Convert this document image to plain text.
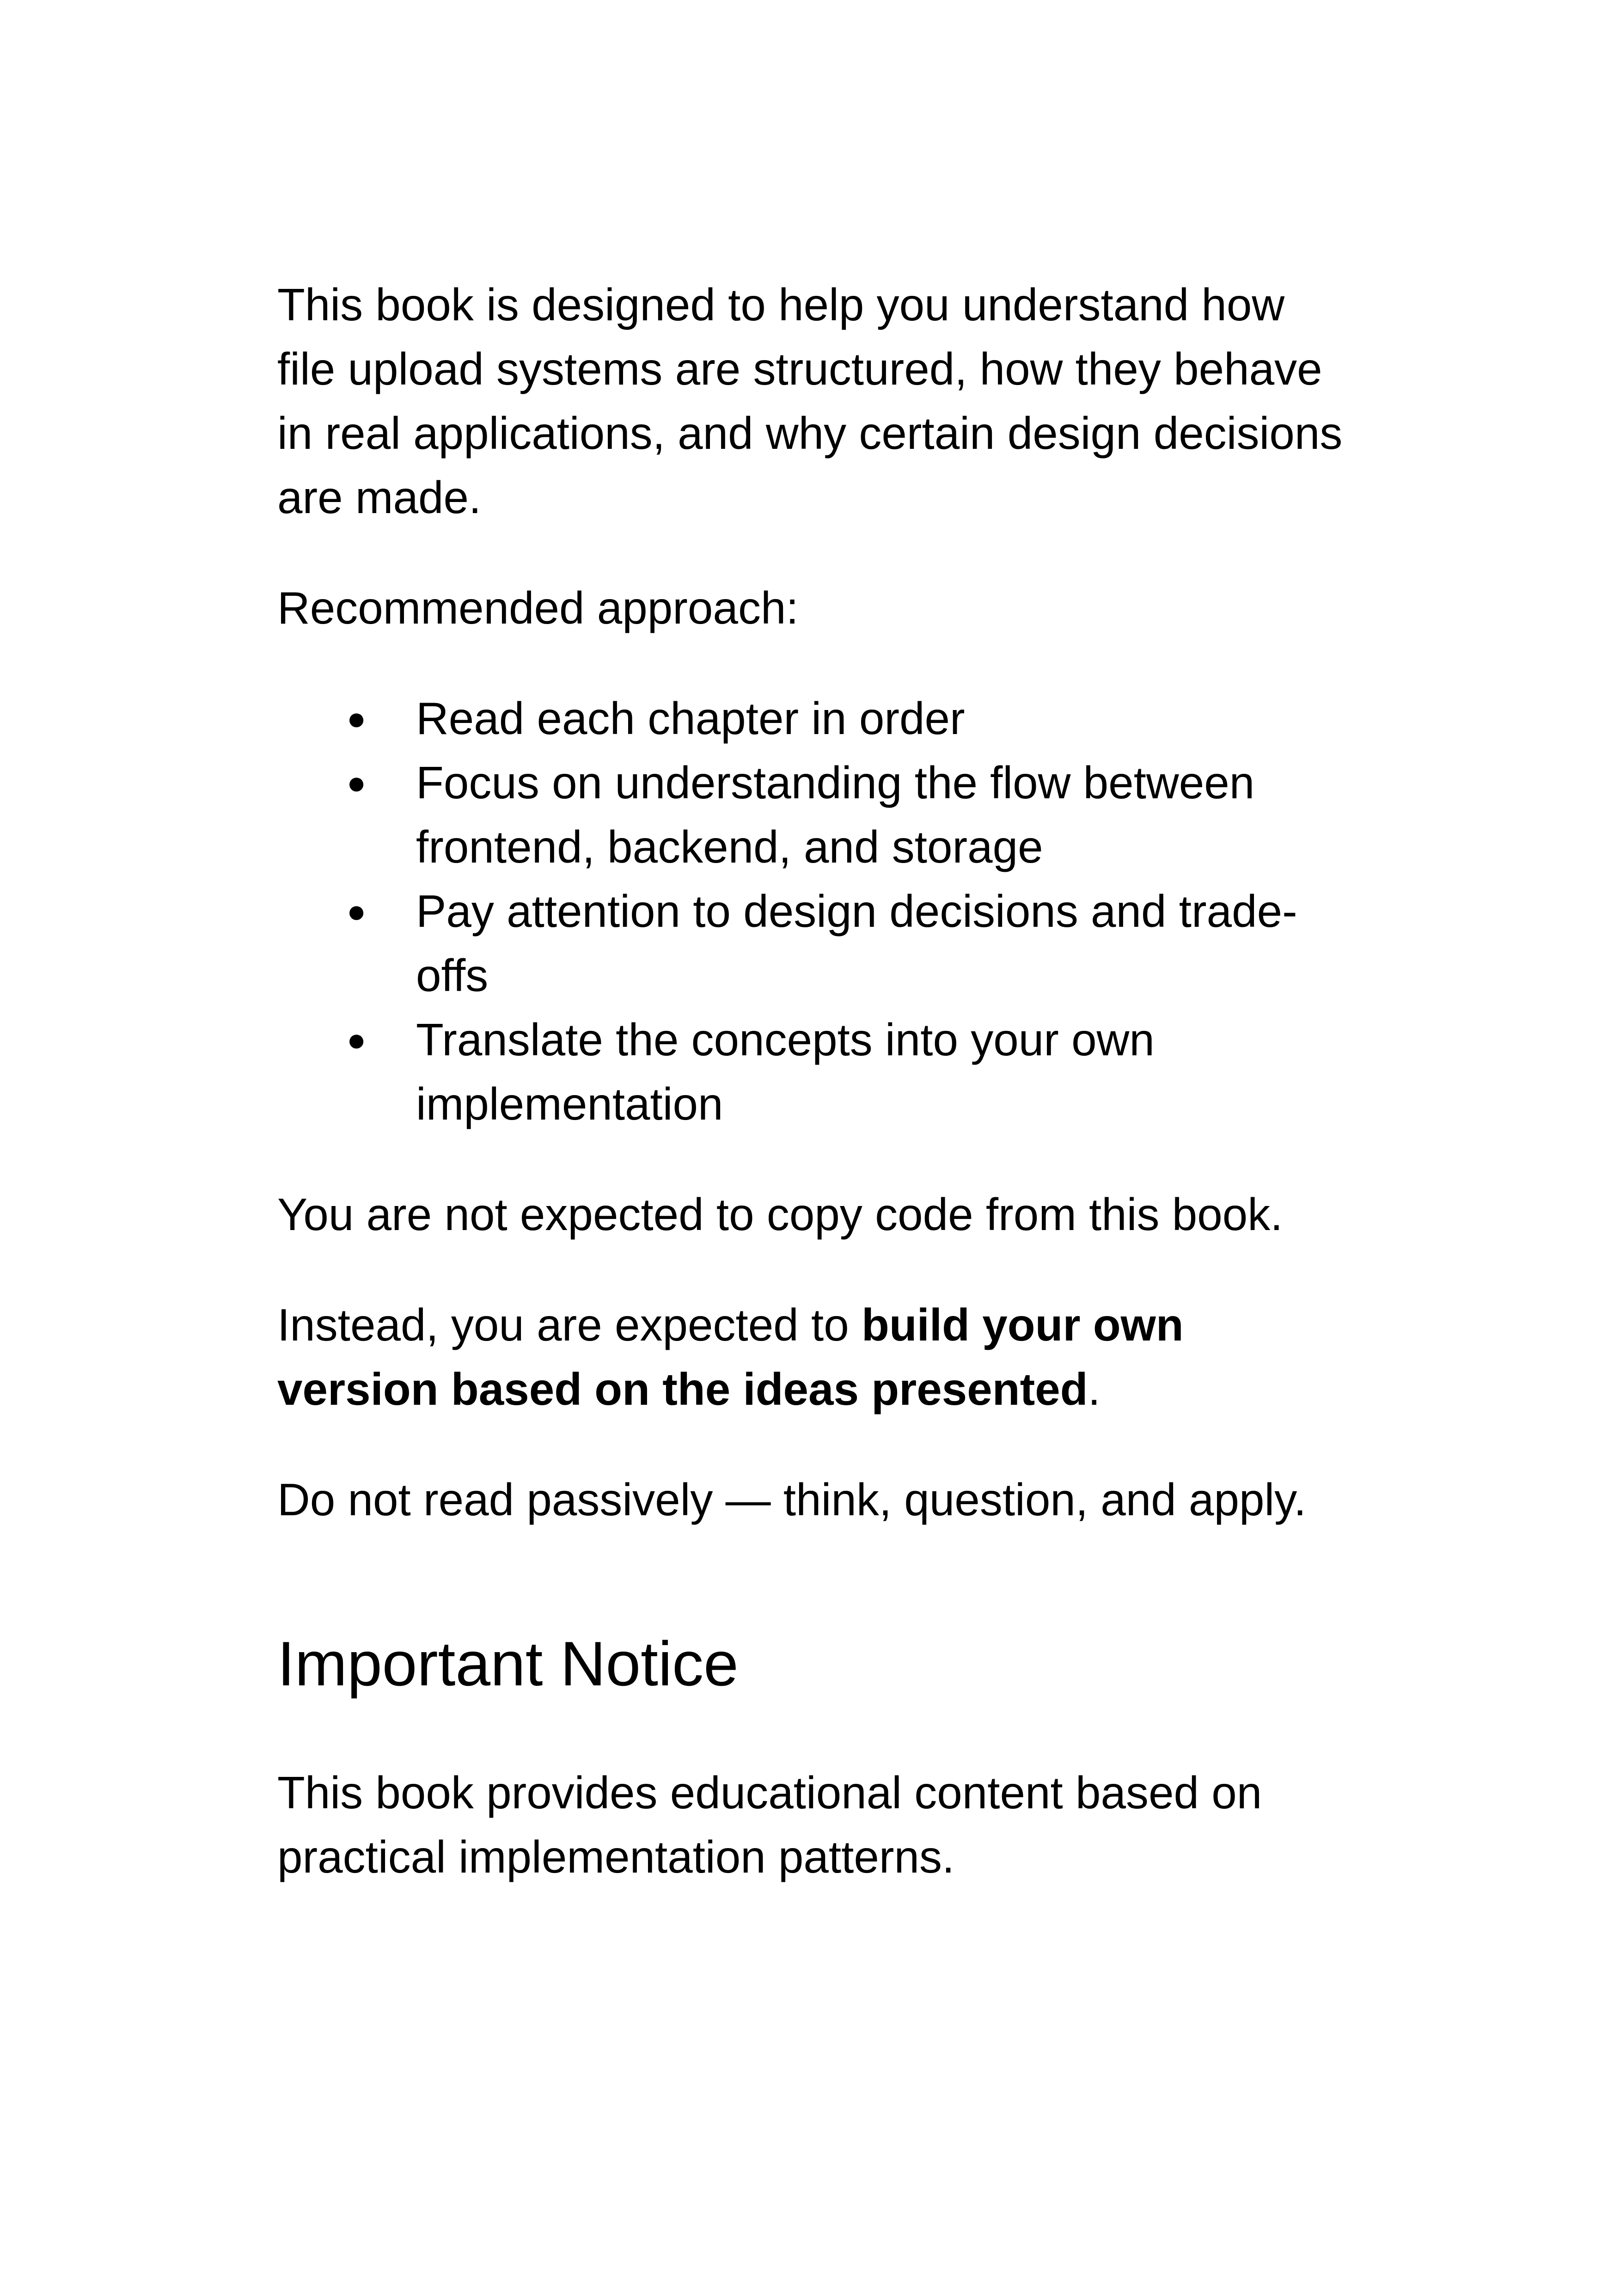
This book is designed to help you understand how file upload systems are structured, how they behave in real applications, and why certain design decisions are made.

Recommended approach:

● Read each chapter in order
● Focus on understanding the flow between frontend, backend, and storage
● Pay attention to design decisions and trade-offs
● Translate the concepts into your own implementation

You are not expected to copy code from this book.

Instead, you are expected to build your own version based on the ideas presented.

Do not read passively — think, question, and apply.

Important Notice

This book provides educational content based on practical implementation patterns.
